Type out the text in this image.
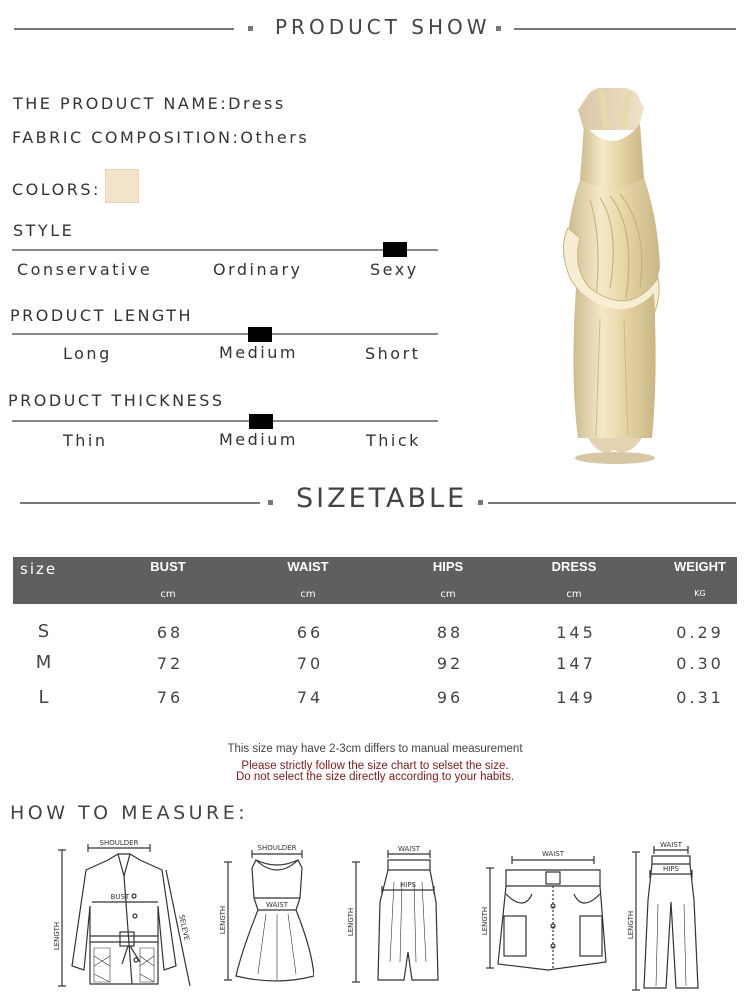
PRODUCT SHOW
THE PRODUCT NAME:Dress
FABRIC COMPOSITION:Others
COLORS:
STYLE
Conservative	Ordinary	Sexy
PRODUCT LENGTH
Long	Medium	Short
PRODUCT THICKNESS
Thin	Medium	Thick
SIZETABLE
size	BUST	WAIST	HIPS	DRESS	WEIGHT
cm	cm	cm	cm	KG
S	68	66	88	145	0.29
M	72	70	92	147	0.30
L	76	74	96	149	0.31
This size may have 2-3cm differs to manual measurement
Please strictly follow the size chart to selset the size.
Do not select the size directly according to your habits.
HOW TO MEASURE:
SHOULDER
BUST
LENGTH	SELEVE
SHOULDER
WAIST
LENGTH
WAIST
HIPS
LENGTH
WAIST
LENGTH
WAIST
HIPS
LENGTH
